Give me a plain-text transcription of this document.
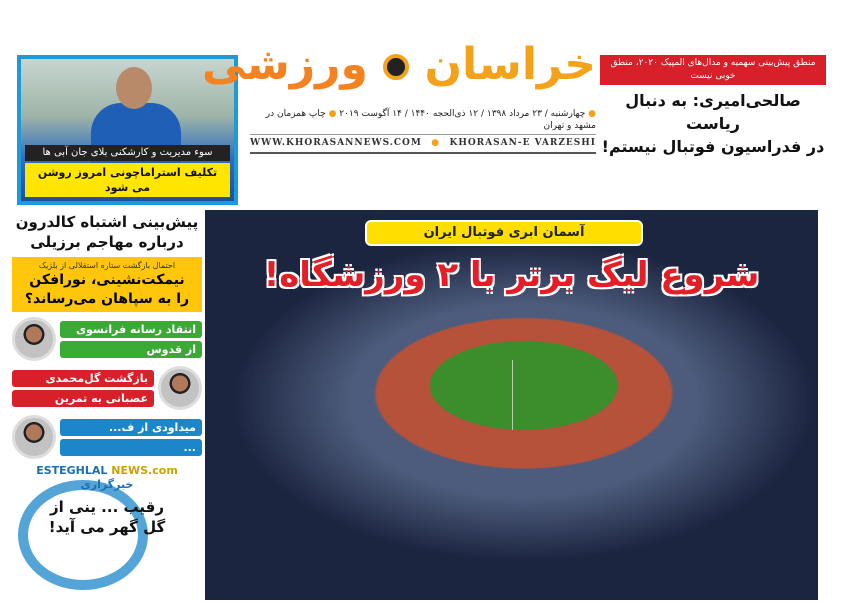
سوء مدیریت و کارشکنی بلای جان آبی ها
تکلیف استراماچونی امروز روشن می شود
خراسان  ورزشی
● چهارشنبه / ۲۳ مرداد ۱۳۹۸ / ۱۲ ذی‌الحجه ۱۴۴۰ / ۱۴ آگوست ۲۰۱۹ ● چاپ همزمان در مشهد و تهران
WWW.KHORASANNEWS.COM ● KHORASAN-E VARZESHI
منطق پیش‌بینی سهمیه و مدال‌های المپیک ۲۰۲۰، منطق خوبی نیست
صالحی‌امیری: به دنبال ریاست
در فدراسیون فوتبال نیستم!
آسمان ابری فوتبال ایران
شروع لیگ برتر با ۲ ورزشگاه!
پیش‌بینی اشتباه کالدرون
درباره مهاجم برزیلی
احتمال بازگشت ستاره استقلالی از بلژیک
نیمکت‌نشینی، نورافکن
را به سپاهان می‌رساند؟
انتقاد رسانه فرانسوی
از قدوس
بازگشت گل‌محمدی
عصبانی به تمرین
میداودی از ف...
...
ESTEGHLAL NEWS.com خبرگزاری
رقیب ... ینی از
گل گهر می آید!
